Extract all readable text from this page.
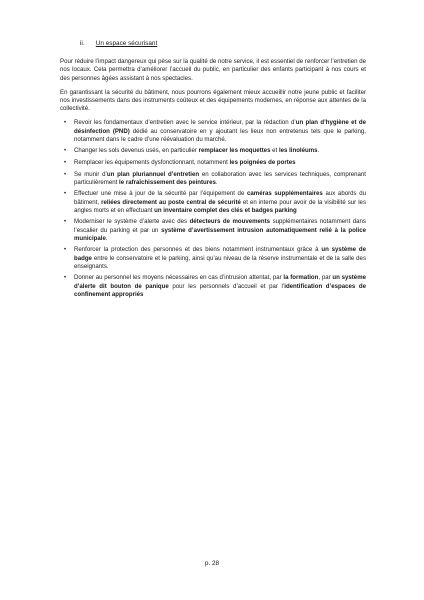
ii. Un espace sécurisant

Pour réduire l’impact dangereux qui pèse sur la qualité de notre service, il est essentiel de renforcer l’entretien de nos locaux. Cela permettra d’améliorer l’accueil du public, en particulier des enfants participant à nos cours et des personnes âgées assistant à nos spectacles.

En garantissant la sécurité du bâtiment, nous pourrons également mieux accueillir notre jeune public et faciliter nos investissements dans des instruments coûteux et des équipements modernes, en réponse aux attentes de la collectivité.

• Revoir les fondamentaux d’entretien avec le service intérieur, par la rédaction d’un plan d’hygiène et de désinfection (PND) dédié au conservatoire en y ajoutant les lieux non entretenus tels que le parking, notamment dans le cadre d’une réévaluation du marché.
• Changer les sols devenus usés, en particulier remplacer les moquettes et les linoléums.
• Remplacer les équipements dysfonctionnant, notamment les poignées de portes
• Se munir d’un plan pluriannuel d’entretien en collaboration avec les services techniques, comprenant particulièrement le rafraîchissement des peintures.
• Effectuer une mise à jour de la sécurité par l’équipement de caméras supplémentaires aux abords du bâtiment, reliées directement au poste central de sécurité et en interne pour avoir de la visibilité sur les angles morts et en effectuant un inventaire complet des clés et badges parking
• Moderniser le système d’alerte avec des détecteurs de mouvements supplémentaires notamment dans l’escalier du parking et par un système d’avertissement intrusion automatiquement relié à la police municipale.
• Renforcer la protection des personnes et des biens notamment instrumentaux grâce à un système de badge entre le conservatoire et le parking, ainsi qu’au niveau de la réserve instrumentale et de la salle des enseignants.
• Donner au personnel les moyens nécessaires en cas d’intrusion attentat, par la formation, par un système d’alerte dit bouton de panique pour les personnels d’accueil et par l’identification d’espaces de confinement appropriés
p. 28
